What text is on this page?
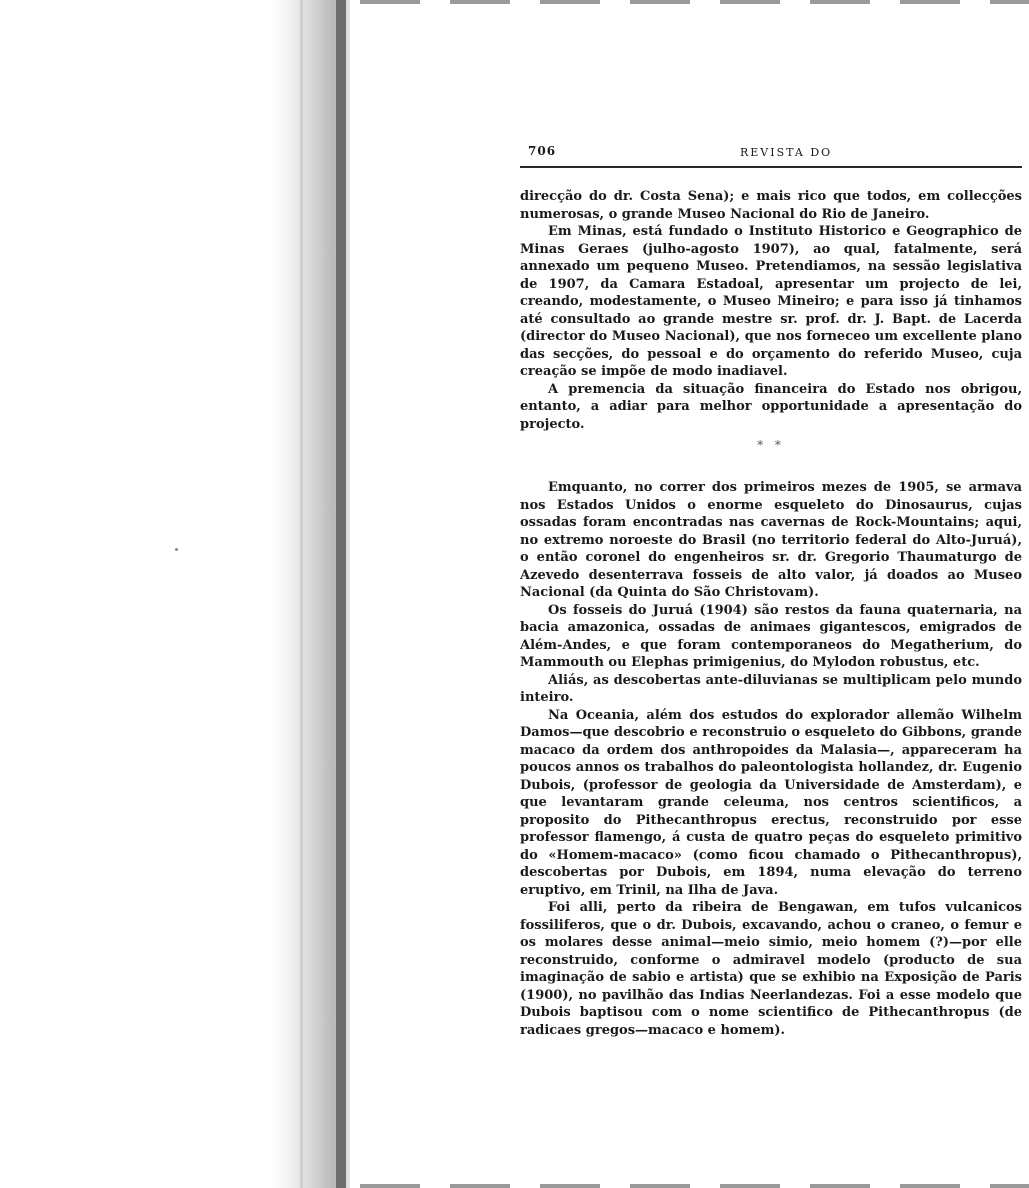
706	REVISTA DO

direcção do dr. Costa Sena); e mais rico que todos, em collecções numerosas, o grande Museo Nacional do Rio de Janeiro.

Em Minas, está fundado o Instituto Historico e Geographico de Minas Geraes (julho-agosto 1907), ao qual, fatalmente, será annexado um pequeno Museo. Pretendiamos, na sessão legislativa de 1907, da Camara Estadoal, apresentar um projecto de lei, creando, modestamente, o Museo Mineiro; e para isso já tinhamos até consultado ao grande mestre sr. prof. dr. J. Bapt. de Lacerda (director do Museo Nacional), que nos forneceo um excellente plano das secções, do pessoal e do orçamento do referido Museo, cuja creação se impõe de modo inadiavel.

A premencia da situação financeira do Estado nos obrigou, entanto, a adiar para melhor opportunidade a apresentação do projecto.

* *

Emquanto, no correr dos primeiros mezes de 1905, se armava nos Estados Unidos o enorme esqueleto do Dinosaurus, cujas ossadas foram encontradas nas cavernas de Rock-Mountains; aqui, no extremo noroeste do Brasil (no territorio federal do Alto-Juruá), o então coronel do engenheiros sr. dr. Gregorio Thaumaturgo de Azevedo desenterrava fosseis de alto valor, já doados ao Museo Nacional (da Quinta do São Christovam).

Os fosseis do Juruá (1904) são restos da fauna quaternaria, na bacia amazonica, ossadas de animaes gigantescos, emigrados de Além-Andes, e que foram contemporaneos do Megatherium, do Mammouth ou Elephas primigenius, do Mylodon robustus, etc.

Aliás, as descobertas ante-diluvianas se multiplicam pelo mundo inteiro.

Na Oceania, além dos estudos do explorador allemão Wilhelm Damos—que descobrio e reconstruio o esqueleto do Gibbons, grande macaco da ordem dos anthropoides da Malasia—, appareceram ha poucos annos os trabalhos do paleontologista hollandez, dr. Eugenio Dubois, (professor de geologia da Universidade de Amsterdam), e que levantaram grande celeuma, nos centros scientificos, a proposito do Pithecanthropus erectus, reconstruido por esse professor flamengo, á custa de quatro peças do esqueleto primitivo do «Homem-macaco» (como ficou chamado o Pithecanthropus), descobertas por Dubois, em 1894, numa elevação do terreno eruptivo, em Trinil, na Ilha de Java.

Foi alli, perto da ribeira de Bengawan, em tufos vulcanicos fossiliferos, que o dr. Dubois, excavando, achou o craneo, o femur e os molares desse animal—meio simio, meio homem (?)—por elle reconstruido, conforme o admiravel modelo (producto de sua imaginação de sabio e artista) que se exhibio na Exposição de Paris (1900), no pavilhão das Indias Neerlandezas. Foi a esse modelo que Dubois baptisou com o nome scientifico de Pithecanthropus (de radicaes gregos—macaco e homem).
